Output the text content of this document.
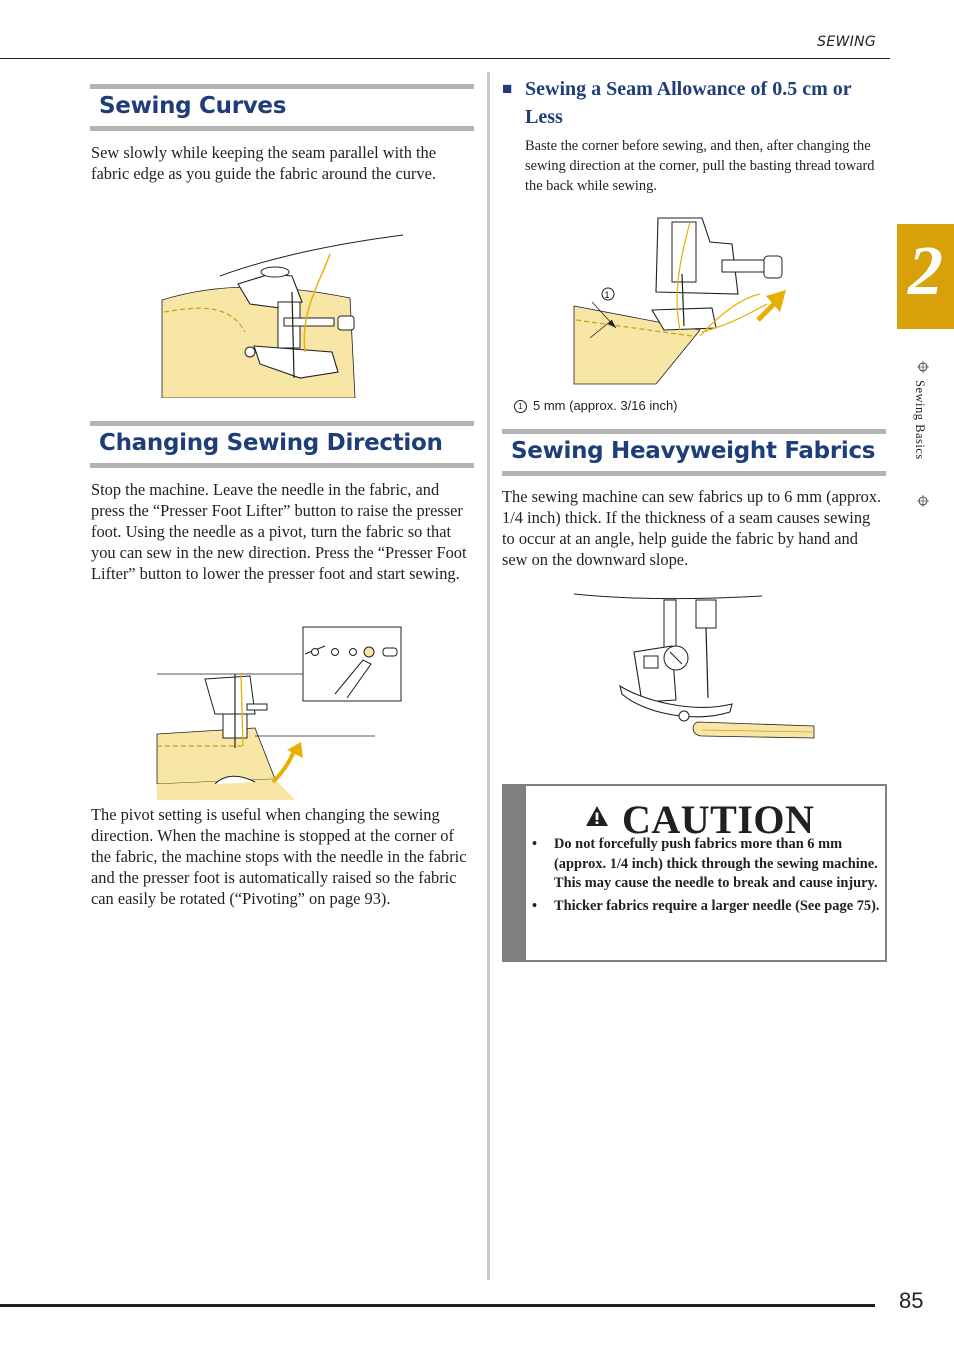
SEWING
Sewing Curves
Sew slowly while keeping the seam parallel with the fabric edge as you guide the fabric around the curve.
Changing Sewing Direction
Stop the machine. Leave the needle in the fabric, and press the “Presser Foot Lifter” button to raise the presser foot. Using the needle as a pivot, turn the fabric so that you can sew in the new direction. Press the “Presser Foot Lifter” button to lower the presser foot and start sewing.
The pivot setting is useful when changing the sewing direction. When the machine is stopped at the corner of the fabric, the machine stops with the needle in the fabric and the presser foot is automatically raised so the fabric can easily be rotated (“Pivoting” on page 93).
■ Sewing a Seam Allowance of 0.5 cm or Less
Baste the corner before sewing, and then, after changing the sewing direction at the corner, pull the basting thread toward the back while sewing.
1
1 5 mm (approx. 3/16 inch)
Sewing Heavyweight Fabrics
The sewing machine can sew fabrics up to 6 mm (approx. 1/4 inch) thick. If the thickness of a seam causes sewing to occur at an angle, help guide the fabric by hand and sew on the downward slope.
CAUTION
• Do not forcefully push fabrics more than 6 mm (approx. 1/4 inch) thick through the sewing machine. This may cause the needle to break and cause injury.
• Thicker fabrics require a larger needle (See page 75).
2
Sewing Basics
85
